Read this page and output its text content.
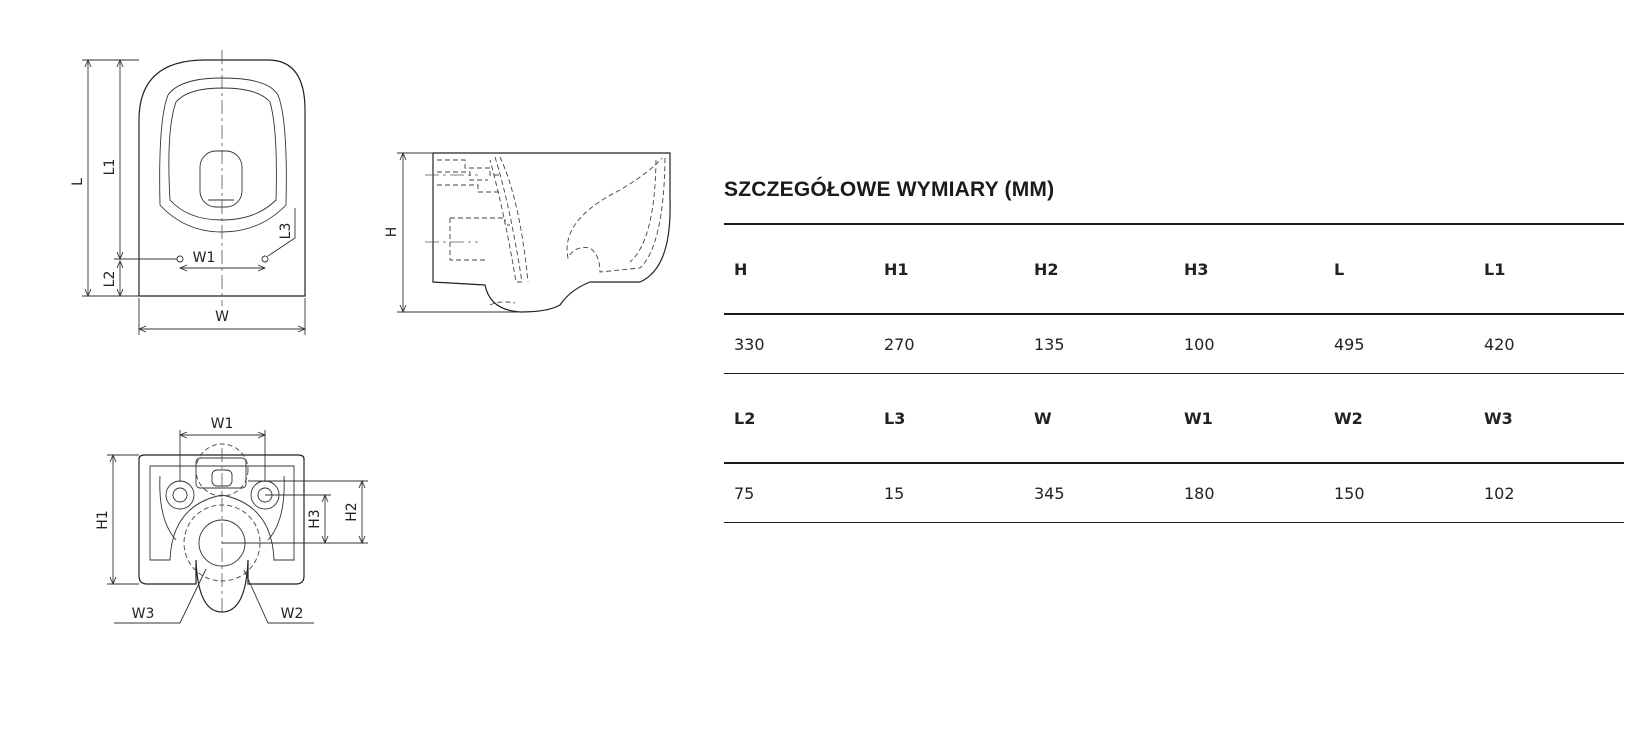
L
L1
L2
L3
W
W1
H
W1
H1	H2
H3
W2
W3
SZCZEGÓŁOWE WYMIARY (MM)
H	H1	H2	H3	L	L1
330	270	135	100	495	420
L2	L3	W	W1	W2	W3
75	15	345	180	150	102
